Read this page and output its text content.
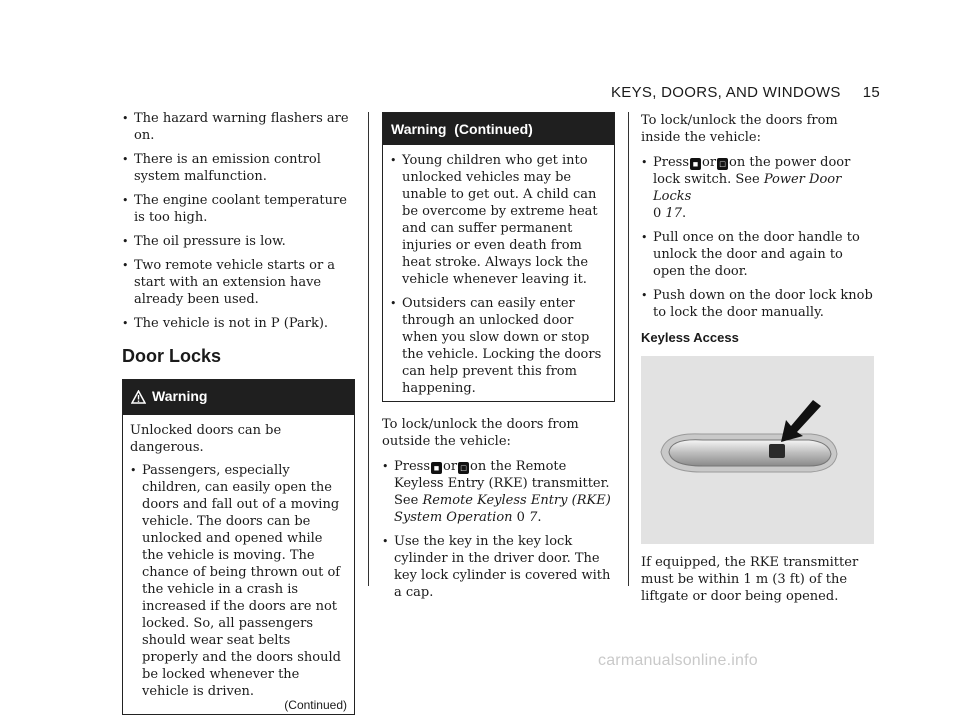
KEYS, DOORS, AND WINDOWS 15
• The hazard warning flashers are on.
• There is an emission control system malfunction.
• The engine coolant temperature is too high.
• The oil pressure is low.
• Two remote vehicle starts or a start with an extension have already been used.
• The vehicle is not in P (Park).
Door Locks
Warning

Unlocked doors can be dangerous.

• Passengers, especially children, can easily open the doors and fall out of a moving vehicle. The doors can be unlocked and opened while the vehicle is moving. The chance of being thrown out of the vehicle in a crash is increased if the doors are not locked. So, all passengers should wear seat belts properly and the doors should be locked whenever the vehicle is driven.
(Continued)
Warning  (Continued)
• Young children who get into unlocked vehicles may be unable to get out. A child can be overcome by extreme heat and can suffer permanent injuries or even death from heat stroke. Always lock the vehicle whenever leaving it.
• Outsiders can easily enter through an unlocked door when you slow down or stop the vehicle. Locking the doors can help prevent this from happening.

To lock/unlock the doors from outside the vehicle:

• Press ■ or □ on the Remote Keyless Entry (RKE) transmitter. See Remote Keyless Entry (RKE) System Operation 0 7.
• Use the key in the key lock cylinder in the driver door. The key lock cylinder is covered with a cap.

To lock/unlock the doors from inside the vehicle:

• Press ■ or □ on the power door lock switch. See Power Door Locks
0 17.
• Pull once on the door handle to unlock the door and again to open the door.
• Push down on the door lock knob to lock the door manually.
Keyless Access

If equipped, the RKE transmitter must be within 1 m (3 ft) of the liftgate or door being opened.

carmanualsonline.info
